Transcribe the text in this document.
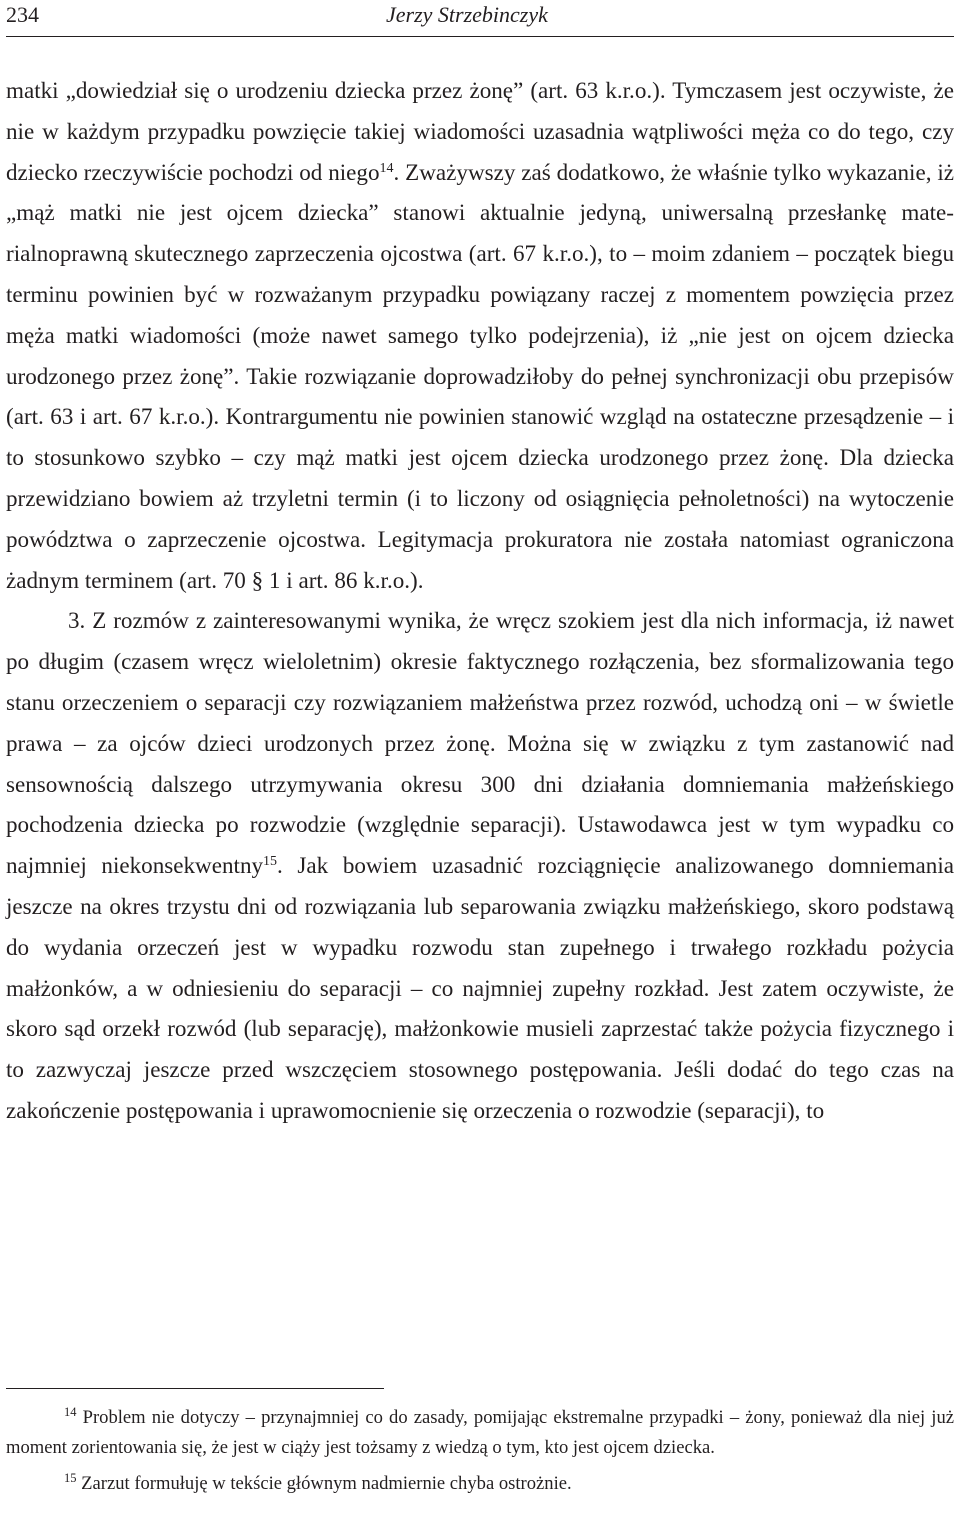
234	Jerzy Strzebinczyk

matki „dowiedział się o urodzeniu dziecka przez żonę” (art. 63 k.r.o.). Tymczasem jest oczywiste, że nie w każdym przypadku powzięcie takiej wiadomości uzasadnia wątpliwości męża co do tego, czy dziecko rzeczywiście pochodzi od niego$^{14}$. Zważywszy zaś dodatkowo, że właśnie tylko wykazanie, iż „mąż matki nie jest ojcem dziecka” stanowi aktualnie jedyną, uniwersalną przesłankę materialnoprawną skutecznego zaprzeczenia ojcostwa (art. 67 k.r.o.), to – moim zdaniem – początek biegu terminu powinien być w rozważanym przypadku powiązany raczej z momentem powzięcia przez męża matki wiadomości (może nawet samego tylko podejrzenia), iż „nie jest on ojcem dziecka urodzonego przez żonę”. Takie rozwiązanie doprowadziłoby do pełnej synchronizacji obu przepisów (art. 63 i art. 67 k.r.o.). Kontrargumentu nie powinien stanowić wzgląd na ostateczne przesądzenie – i to stosunkowo szybko – czy mąż matki jest ojcem dziecka urodzonego przez żonę. Dla dziecka przewidziano bowiem aż trzyletni termin (i to liczony od osiągnięcia pełnoletności) na wytoczenie powództwa o zaprzeczenie ojcostwa. Legitymacja prokuratora nie została natomiast ograniczona żadnym terminem (art. 70 § 1 i art. 86 k.r.o.).

3. Z rozmów z zainteresowanymi wynika, że wręcz szokiem jest dla nich informacja, iż nawet po długim (czasem wręcz wieloletnim) okresie faktycznego rozłączenia, bez sformalizowania tego stanu orzeczeniem o separacji czy rozwiązaniem małżeństwa przez rozwód, uchodzą oni – w świetle prawa – za ojców dzieci urodzonych przez żonę. Można się w związku z tym zastanowić nad sensownością dalszego utrzymywania okresu 300 dni działania domniemania małżeńskiego pochodzenia dziecka po rozwodzie (względnie separacji). Ustawodawca jest w tym wypadku co najmniej niekonsekwentny$^{15}$. Jak bowiem uzasadnić rozciągnięcie analizowanego domniemania jeszcze na okres trzystu dni od rozwiązania lub separowania związku małżeńskiego, skoro podstawą do wydania orzeczeń jest w wypadku rozwodu stan zupełnego i trwałego rozkładu pożycia małżonków, a w odniesieniu do separacji – co najmniej zupełny rozkład. Jest zatem oczywiste, że skoro sąd orzekł rozwód (lub separację), małżonkowie musieli zaprzestać także pożycia fizycznego i to zazwyczaj jeszcze przed wszczęciem stosownego postępowania. Jeśli dodać do tego czas na zakończenie postępowania i uprawomocnienie się orzeczenia o rozwodzie (separacji), to

$^{14}$ Problem nie dotyczy – przynajmniej co do zasady, pomijając ekstremalne przypadki – żony, ponieważ dla niej już moment zorientowania się, że jest w ciąży jest tożsamy z wiedzą o tym, kto jest ojcem dziecka.

$^{15}$ Zarzut formułuję w tekście głównym nadmiernie chyba ostrożnie.
